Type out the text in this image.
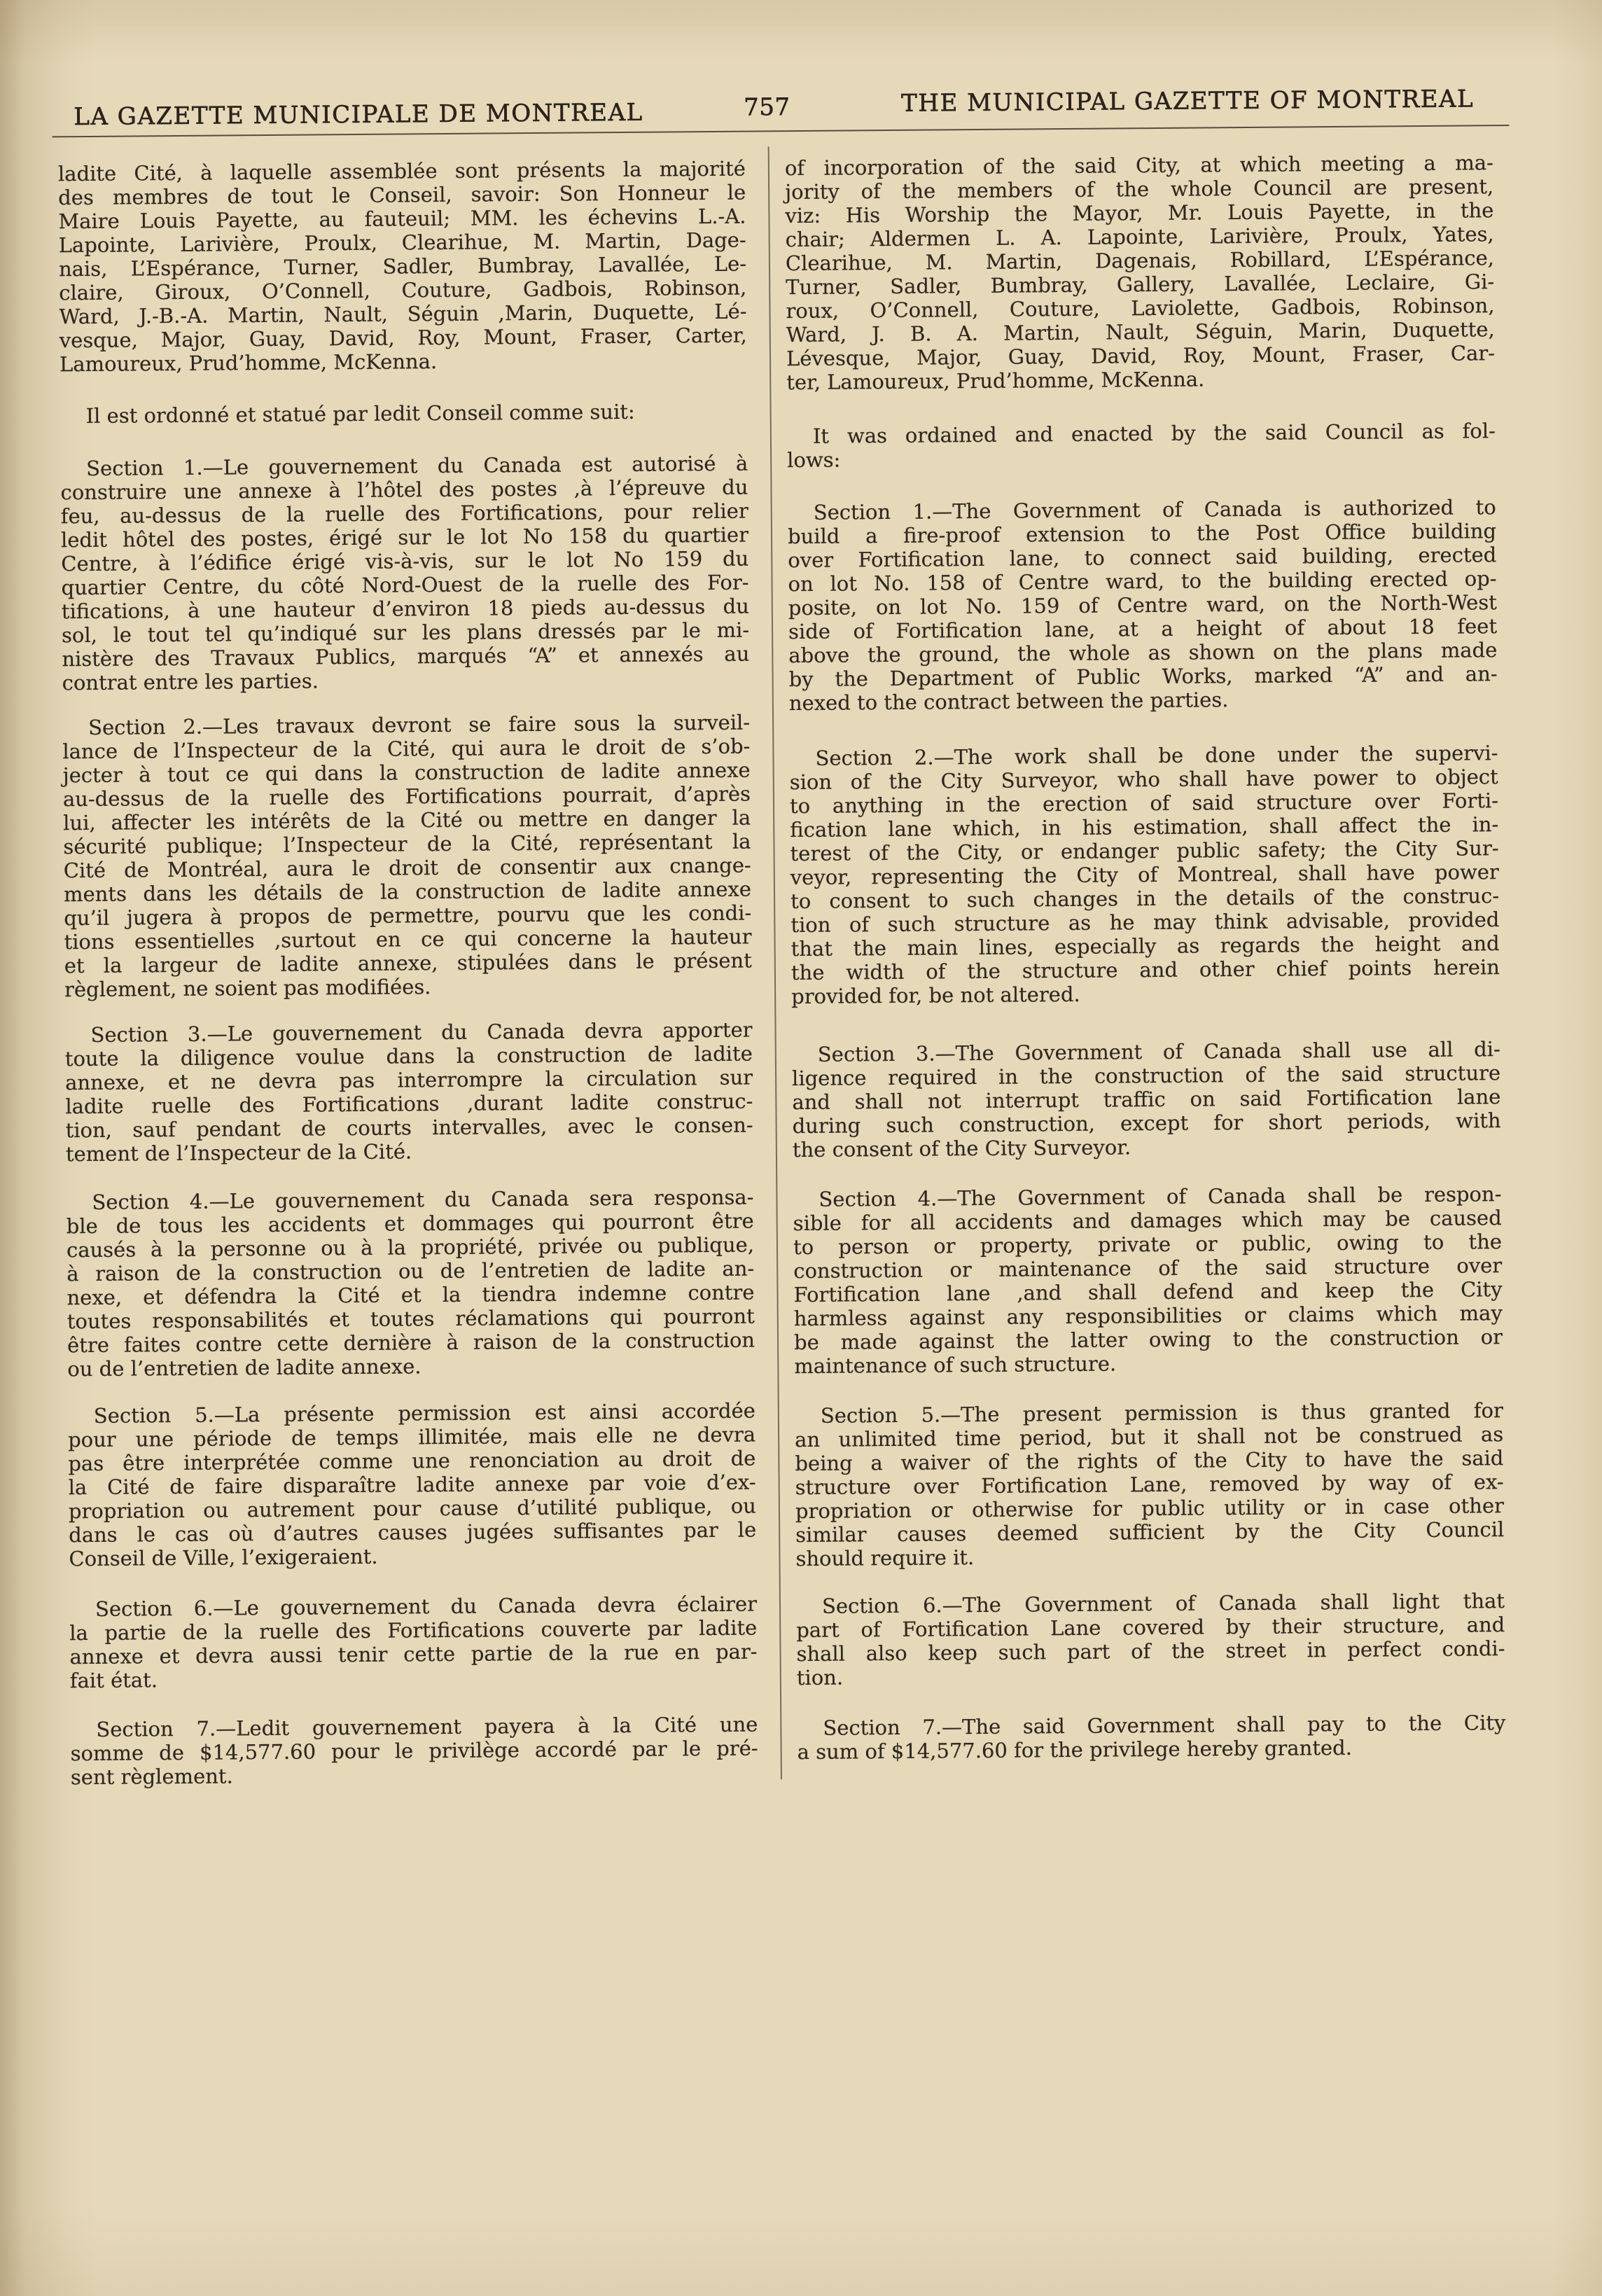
LA GAZETTE MUNICIPALE DE MONTREAL	757	THE MUNICIPAL GAZETTE OF MONTREAL
ladite Cité, à laquelle assemblée sont présents la majorité
des membres de tout le Conseil, savoir: Son Honneur le
Maire Louis Payette, au fauteuil; MM. les échevins L.-A.
Lapointe, Larivière, Proulx, Clearihue, M. Martin, Dage-
nais, L’Espérance, Turner, Sadler, Bumbray, Lavallée, Le-
claire, Giroux, O’Connell, Couture, Gadbois, Robinson,
Ward, J.-B.-A. Martin, Nault, Séguin ,Marin, Duquette, Lé-
vesque, Major, Guay, David, Roy, Mount, Fraser, Carter,
Lamoureux, Prud’homme, McKenna.
Il est ordonné et statué par ledit Conseil comme suit:
Section 1.—Le gouvernement du Canada est autorisé à
construire une annexe à l’hôtel des postes ,à l’épreuve du
feu, au-dessus de la ruelle des Fortifications, pour relier
ledit hôtel des postes, érigé sur le lot No 158 du quartier
Centre, à l’édifice érigé vis-à-vis, sur le lot No 159 du
quartier Centre, du côté Nord-Ouest de la ruelle des For-
tifications, à une hauteur d’environ 18 pieds au-dessus du
sol, le tout tel qu’indiqué sur les plans dressés par le mi-
nistère des Travaux Publics, marqués “A” et annexés au
contrat entre les parties.
Section 2.—Les travaux devront se faire sous la surveil-
lance de l’Inspecteur de la Cité, qui aura le droit de s’ob-
jecter à tout ce qui dans la construction de ladite annexe
au-dessus de la ruelle des Fortifications pourrait, d’après
lui, affecter les intérêts de la Cité ou mettre en danger la
sécurité publique; l’Inspecteur de la Cité, représentant la
Cité de Montréal, aura le droit de consentir aux cnange-
ments dans les détails de la construction de ladite annexe
qu’il jugera à propos de permettre, pourvu que les condi-
tions essentielles ,surtout en ce qui concerne la hauteur
et la largeur de ladite annexe, stipulées dans le présent
règlement, ne soient pas modifiées.
Section 3.—Le gouvernement du Canada devra apporter
toute la diligence voulue dans la construction de ladite
annexe, et ne devra pas interrompre la circulation sur
ladite ruelle des Fortifications ,durant ladite construc-
tion, sauf pendant de courts intervalles, avec le consen-
tement de l’Inspecteur de la Cité.
Section 4.—Le gouvernement du Canada sera responsa-
ble de tous les accidents et dommages qui pourront être
causés à la personne ou à la propriété, privée ou publique,
à raison de la construction ou de l’entretien de ladite an-
nexe, et défendra la Cité et la tiendra indemne contre
toutes responsabilités et toutes réclamations qui pourront
être faites contre cette dernière à raison de la construction
ou de l’entretien de ladite annexe.
Section 5.—La présente permission est ainsi accordée
pour une période de temps illimitée, mais elle ne devra
pas être interprétée comme une renonciation au droit de
la Cité de faire disparaître ladite annexe par voie d’ex-
propriation ou autrement pour cause d’utilité publique, ou
dans le cas où d’autres causes jugées suffisantes par le
Conseil de Ville, l’exigeraient.
Section 6.—Le gouvernement du Canada devra éclairer
la partie de la ruelle des Fortifications couverte par ladite
annexe et devra aussi tenir cette partie de la rue en par-
fait état.
Section 7.—Ledit gouvernement payera à la Cité une
somme de $14,577.60 pour le privilège accordé par le pré-
sent règlement.
of incorporation of the said City, at which meeting a ma-
jority of the members of the whole Council are present,
viz: His Worship the Mayor, Mr. Louis Payette, in the
chair; Aldermen L. A. Lapointe, Larivière, Proulx, Yates,
Clearihue, M. Martin, Dagenais, Robillard, L’Espérance,
Turner, Sadler, Bumbray, Gallery, Lavallée, Leclaire, Gi-
roux, O’Connell, Couture, Laviolette, Gadbois, Robinson,
Ward, J. B. A. Martin, Nault, Séguin, Marin, Duquette,
Lévesque, Major, Guay, David, Roy, Mount, Fraser, Car-
ter, Lamoureux, Prud’homme, McKenna.
It was ordained and enacted by the said Council as fol-
lows:
Section 1.—The Government of Canada is authorized to
build a fire-proof extension to the Post Office building
over Fortification lane, to connect said building, erected
on lot No. 158 of Centre ward, to the building erected op-
posite, on lot No. 159 of Centre ward, on the North-West
side of Fortification lane, at a height of about 18 feet
above the ground, the whole as shown on the plans made
by the Department of Public Works, marked “A” and an-
nexed to the contract between the parties.
Section 2.—The work shall be done under the supervi-
sion of the City Surveyor, who shall have power to object
to anything in the erection of said structure over Forti-
fication lane which, in his estimation, shall affect the in-
terest of the City, or endanger public safety; the City Sur-
veyor, representing the City of Montreal, shall have power
to consent to such changes in the details of the construc-
tion of such structure as he may think advisable, provided
that the main lines, especially as regards the height and
the width of the structure and other chief points herein
provided for, be not altered.
Section 3.—The Government of Canada shall use all di-
ligence required in the construction of the said structure
and shall not interrupt traffic on said Fortification lane
during such construction, except for short periods, with
the consent of the City Surveyor.
Section 4.—The Government of Canada shall be respon-
sible for all accidents and damages which may be caused
to person or property, private or public, owing to the
construction or maintenance of the said structure over
Fortification lane ,and shall defend and keep the City
harmless against any responsibilities or claims which may
be made against the latter owing to the construction or
maintenance of such structure.
Section 5.—The present permission is thus granted for
an unlimited time period, but it shall not be construed as
being a waiver of the rights of the City to have the said
structure over Fortification Lane, removed by way of ex-
propriation or otherwise for public utility or in case other
similar causes deemed sufficient by the City Council
should require it.
Section 6.—The Government of Canada shall light that
part of Fortification Lane covered by their structure, and
shall also keep such part of the street in perfect condi-
tion.
Section 7.—The said Government shall pay to the City
a sum of $14,577.60 for the privilege hereby granted.
